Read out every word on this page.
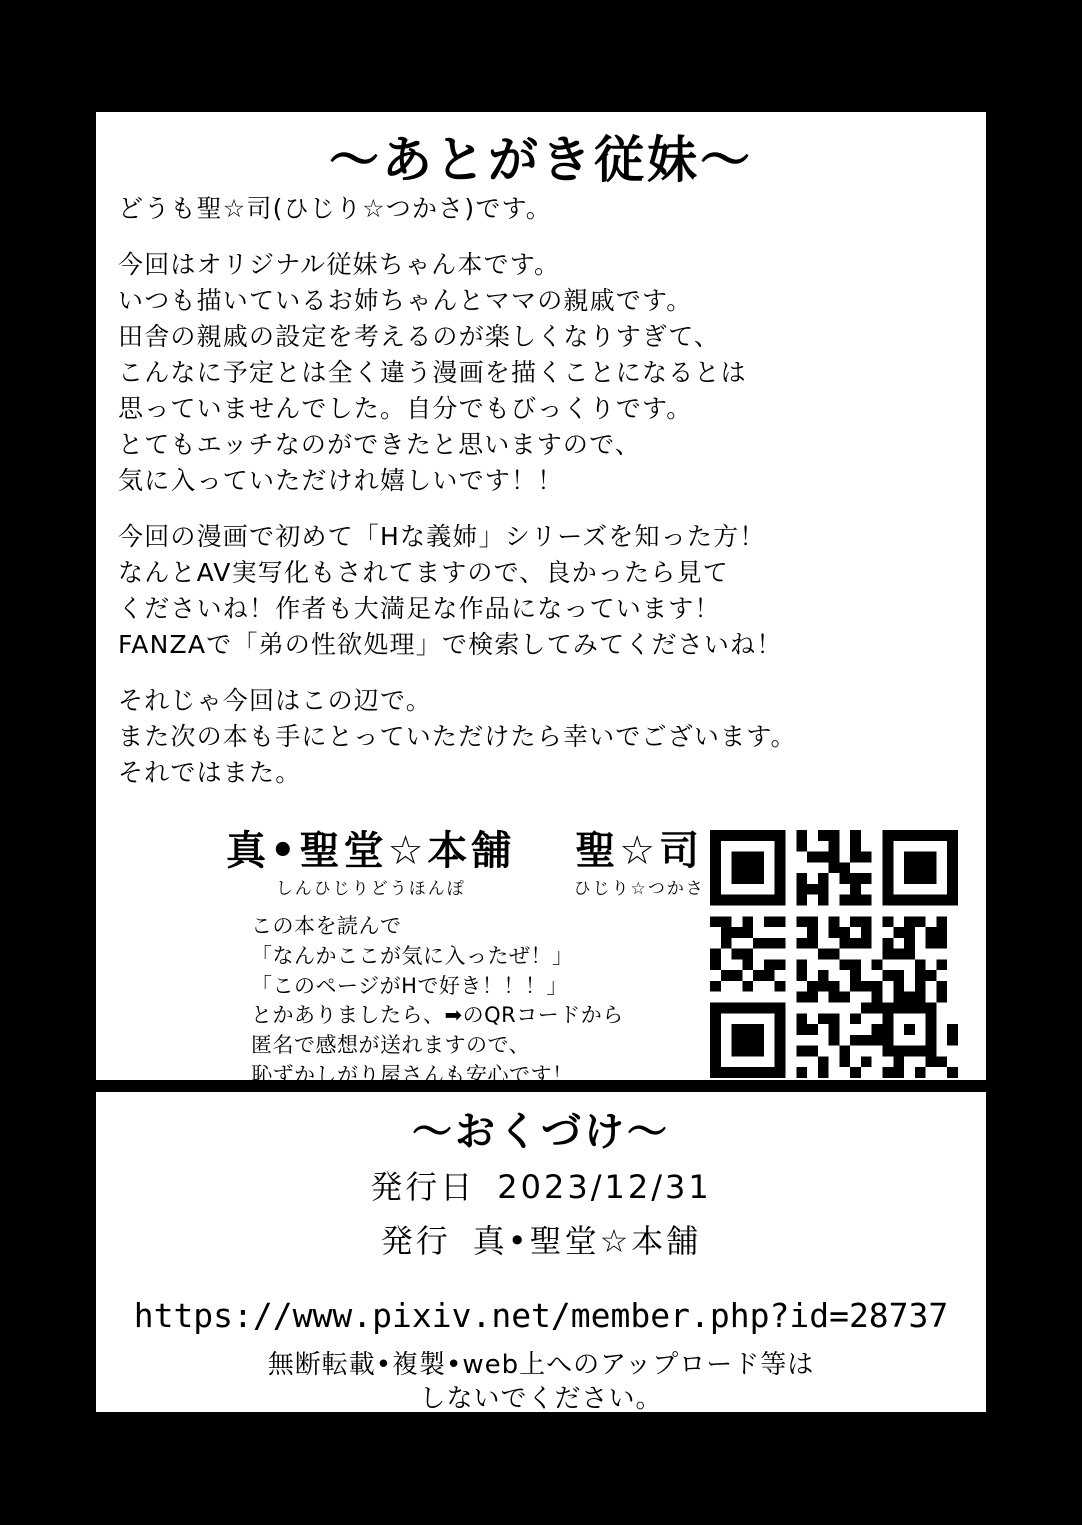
〜あとがき従妹〜

どうも聖☆司(ひじり☆つかさ)です。

今回はオリジナル従妹ちゃん本です。

いつも描いているお姉ちゃんとママの親戚です。

田舎の親戚の設定を考えるのが楽しくなりすぎて、

こんなに予定とは全く違う漫画を描くことになるとは

思っていませんでした。自分でもびっくりです。

とてもエッチなのができたと思いますので、

気に入っていただけれ嬉しいです！！

今回の漫画で初めて「Hな義姉」シリーズを知った方！

なんとAV実写化もされてますので、良かったら見て

くださいね！作者も大満足な作品になっています！

FANZAで「弟の性欲処理」で検索してみてくださいね！

それじゃ今回はこの辺で。

また次の本も手にとっていただけたら幸いでございます。

それではまた。

真•聖堂☆本舗
しんひじりどうほんぽ

聖☆司
ひじり☆つかさ

この本を読んで

「なんかここが気に入ったぜ！」

「このページがHで好き！！！」

とかありましたら、➡のQRコードから

匿名で感想が送れますので、

恥ずかしがり屋さんも安心です！

〜おくづけ〜
発行日 2023/12/31
発行 真•聖堂☆本舗
https://www.pixiv.net/member.php?id=28737
無断転載•複製•web上へのアップロード等は
しないでください。
